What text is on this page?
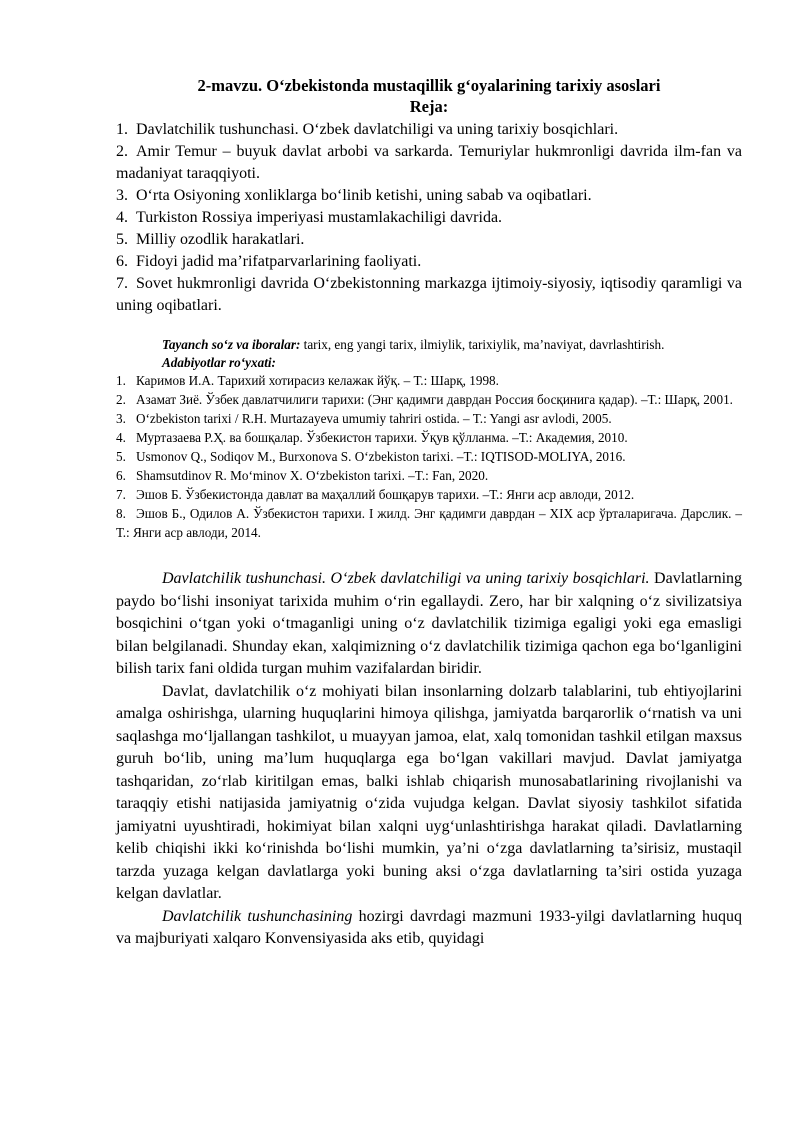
2-mavzu. O‘zbekistonda mustaqillik g‘oyalarining tarixiy asoslari

Reja:

1. Davlatchilik tushunchasi. O‘zbek davlatchiligi va uning tarixiy bosqichlari.
2. Amir Temur – buyuk davlat arbobi va sarkarda. Temuriylar hukmronligi davrida ilm-fan va madaniyat taraqqiyoti.
3. O‘rta Osiyoning xonliklarga bo‘linib ketishi, uning sabab va oqibatlari.
4. Turkiston Rossiya imperiyasi mustamlakachiligi davrida.
5. Milliy ozodlik harakatlari.
6. Fidoyi jadid ma’rifatparvarlarining faoliyati.
7. Sovet hukmronligi davrida O‘zbekistonning markazga ijtimoiy-siyosiy, iqtisodiy qaramligi va uning oqibatlari.

Tayanch so‘z va iboralar: tarix, eng yangi tarix, ilmiylik, tarixiylik, ma’naviyat, davrlashtirish.

Adabiyotlar ro‘yxati:

1. Каримов И.А. Тарихий хотирасиз келажак йўқ. – Т.: Шарқ, 1998.
2. Азамат Зиё. Ўзбек давлатчилиги тарихи: (Энг қадимги даврдан Россия босқинига қадар). –Т.: Шарқ, 2001.
3. O‘zbekiston tarixi / R.H. Murtazayeva umumiy tahriri ostida. – T.: Yangi asr avlodi, 2005.
4. Муртазаева Р.Ҳ. ва бошқалар. Ўзбекистон тарихи. Ўқув қўлланма. –Т.: Академия, 2010.
5. Usmonov Q., Sodiqov M., Burxonova S. O‘zbekiston tarixi. –T.: IQTISOD-MOLIYA, 2016.
6. Shamsutdinov R. Mo‘minov X. O‘zbekiston tarixi. –T.: Fan, 2020.
7. Эшов Б. Ўзбекистонда давлат ва маҳаллий бошқарув тарихи. –Т.: Янги аср авлоди, 2012.
8. Эшов Б., Одилов А. Ўзбекистон тарихи. I жилд. Энг қадимги даврдан – XIX аср ўрталаригача. Дарслик. – Т.: Янги аср авлоди, 2014.

Davlatchilik tushunchasi. O‘zbek davlatchiligi va uning tarixiy bosqichlari. Davlatlarning paydo bo‘lishi insoniyat tarixida muhim o‘rin egallaydi. Zero, har bir xalqning o‘z sivilizatsiya bosqichini o‘tgan yoki o‘tmaganligi uning o‘z davlatchilik tizimiga egaligi yoki ega emasligi bilan belgilanadi. Shunday ekan, xalqimizning o‘z davlatchilik tizimiga qachon ega bo‘lganligini bilish tarix fani oldida turgan muhim vazifalardan biridir.

Davlat, davlatchilik o‘z mohiyati bilan insonlarning dolzarb talablarini, tub ehtiyojlarini amalga oshirishga, ularning huquqlarini himoya qilishga, jamiyatda barqarorlik o‘rnatish va uni saqlashga mo‘ljallangan tashkilot, u muayyan jamoa, elat, xalq tomonidan tashkil etilgan maxsus guruh bo‘lib, uning ma’lum huquqlarga ega bo‘lgan vakillari mavjud. Davlat jamiyatga tashqaridan, zo‘rlab kiritilgan emas, balki ishlab chiqarish munosabatlarining rivojlanishi va taraqqiy etishi natijasida jamiyatnig o‘zida vujudga kelgan. Davlat siyosiy tashkilot sifatida jamiyatni uyushtiradi, hokimiyat bilan xalqni uyg‘unlashtirishga harakat qiladi. Davlatlarning kelib chiqishi ikki ko‘rinishda bo‘lishi mumkin, ya’ni o‘zga davlatlarning ta’sirisiz, mustaqil tarzda yuzaga kelgan davlatlarga yoki buning aksi o‘zga davlatlarning ta’siri ostida yuzaga kelgan davlatlar.

Davlatchilik tushunchasining hozirgi davrdagi mazmuni 1933-yilgi davlatlarning huquq va majburiyati xalqaro Konvensiyasida aks etib, quyidagi
